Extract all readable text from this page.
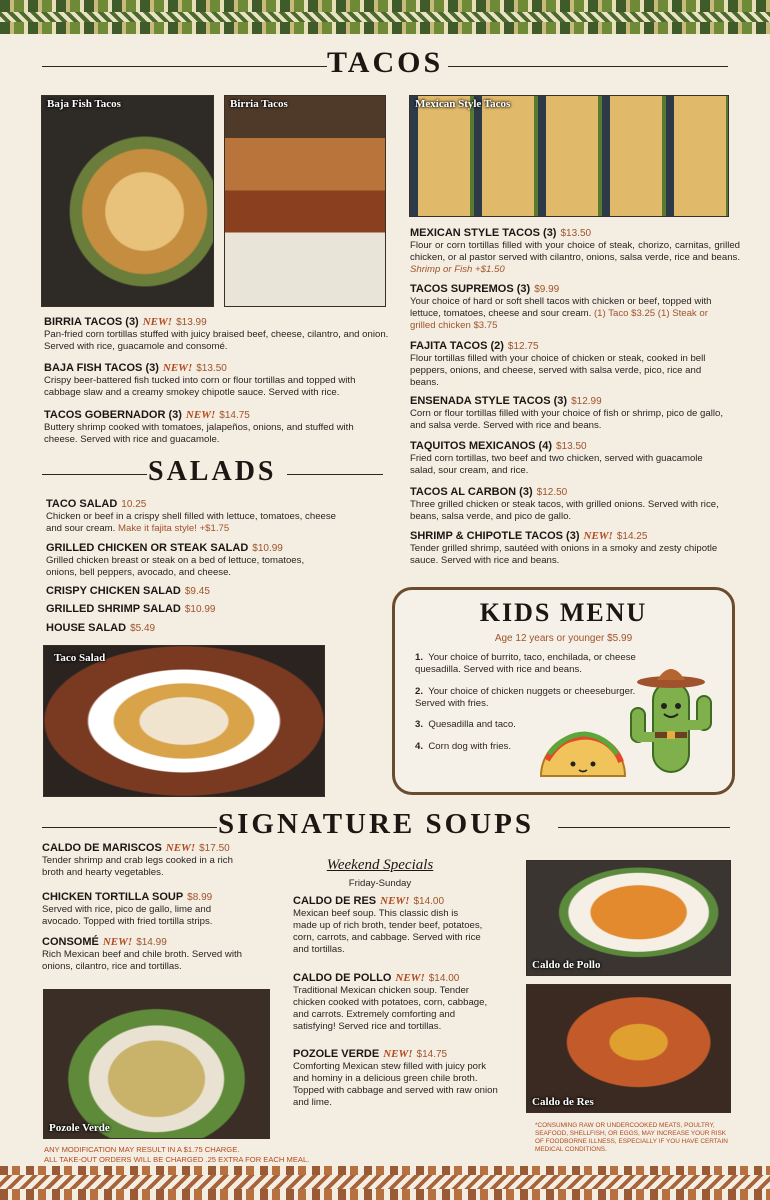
TACOS
Baja Fish Tacos	Birria Tacos	Mexican Style Tacos
BIRRIA TACOS (3) NEW! $13.99
Pan-fried corn tortillas stuffed with juicy braised beef, cheese, cilantro, and onion. Served with rice, guacamole and consomé.
BAJA FISH TACOS (3) NEW! $13.50
Crispy beer-battered fish tucked into corn or flour tortillas and topped with cabbage slaw and a creamy smokey chipotle sauce. Served with rice.
TACOS GOBERNADOR (3) NEW! $14.75
Buttery shrimp cooked with tomatoes, jalapeños, onions, and stuffed with cheese. Served with rice and guacamole.
MEXICAN STYLE TACOS (3) $13.50
Flour or corn tortillas filled with your choice of steak, chorizo, carnitas, grilled chicken, or al pastor served with cilantro, onions, salsa verde, rice and beans. Shrimp or Fish +$1.50
TACOS SUPREMOS (3) $9.99
Your choice of hard or soft shell tacos with chicken or beef, topped with lettuce, tomatoes, cheese and sour cream. (1) Taco $3.25 (1) Steak or grilled chicken $3.75
FAJITA TACOS (2) $12.75
Flour tortillas filled with your choice of chicken or steak, cooked in bell peppers, onions, and cheese, served with salsa verde, pico, rice and beans.
ENSENADA STYLE TACOS (3) $12.99
Corn or flour tortillas filled with your choice of fish or shrimp, pico de gallo, and salsa verde. Served with rice and beans.
TAQUITOS MEXICANOS (4) $13.50
Fried corn tortillas, two beef and two chicken, served with guacamole salad, sour cream, and rice.
TACOS AL CARBON (3) $12.50
Three grilled chicken or steak tacos, with grilled onions. Served with rice, beans, salsa verde, and pico de gallo.
SHRIMP & CHIPOTLE TACOS (3) NEW! $14.25
Tender grilled shrimp, sautéed with onions in a smoky and zesty chipotle sauce. Served with rice and beans.
SALADS
TACO SALAD 10.25
Chicken or beef in a crispy shell filled with lettuce, tomatoes, cheese and sour cream. Make it fajita style! +$1.75
GRILLED CHICKEN OR STEAK SALAD $10.99
Grilled chicken breast or steak on a bed of lettuce, tomatoes, onions, bell peppers, avocado, and cheese.
CRISPY CHICKEN SALAD $9.45
GRILLED SHRIMP SALAD $10.99
HOUSE SALAD $5.49
Taco Salad
KIDS MENU
Age 12 years or younger $5.99
1. Your choice of burrito, taco, enchilada, or cheese quesadilla. Served with rice and beans.
2. Your choice of chicken nuggets or cheeseburger. Served with fries.
3. Quesadilla and taco.
4. Corn dog with fries.
SIGNATURE SOUPS
CALDO DE MARISCOS NEW! $17.50
Tender shrimp and crab legs cooked in a rich broth and hearty vegetables.
CHICKEN TORTILLA SOUP $8.99
Served with rice, pico de gallo, lime and avocado. Topped with fried tortilla strips.
CONSOMÉ NEW! $14.99
Rich Mexican beef and chile broth. Served with onions, cilantro, rice and tortillas.
Pozole Verde
Weekend Specials
Friday-Sunday
CALDO DE RES NEW! $14.00
Mexican beef soup. This classic dish is made up of rich broth, tender beef, potatoes, corn, carrots, and cabbage. Served with rice and tortillas.
CALDO DE POLLO NEW! $14.00
Traditional Mexican chicken soup. Tender chicken cooked with potatoes, corn, cabbage, and carrots. Extremely comforting and satisfying! Served rice and tortillas.
POZOLE VERDE NEW! $14.75
Comforting Mexican stew filled with juicy pork and hominy in a delicious green chile broth. Topped with cabbage and served with raw onion and lime.
Caldo de Pollo
Caldo de Res
ANY MODIFICATION MAY RESULT IN A $1.75 CHARGE.
ALL TAKE-OUT ORDERS WILL BE CHARGED .25 EXTRA FOR EACH MEAL.
*CONSUMING RAW OR UNDERCOOKED MEATS, POULTRY, SEAFOOD, SHELLFISH, OR EGGS, MAY INCREASE YOUR RISK OF FOODBORNE ILLNESS, ESPECIALLY IF YOU HAVE CERTAIN MEDICAL CONDITIONS.
